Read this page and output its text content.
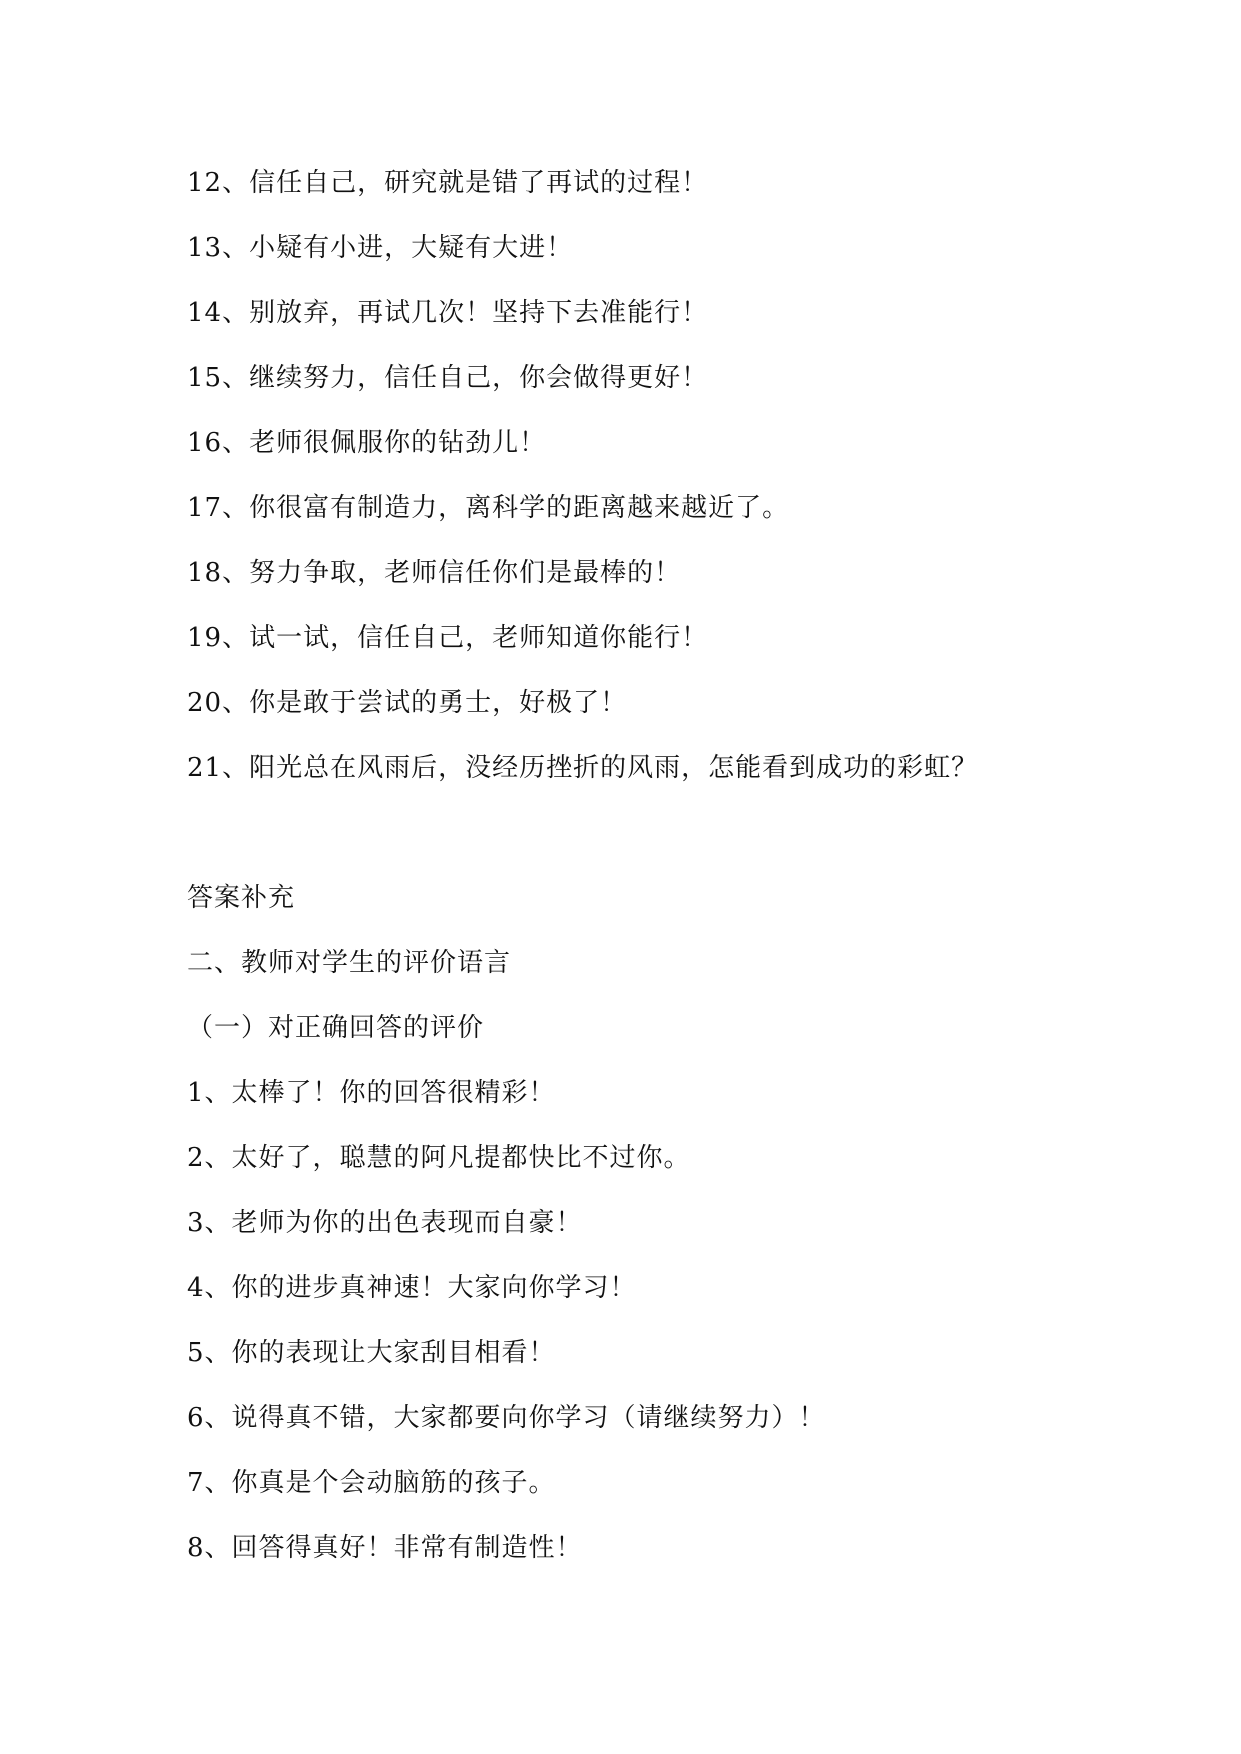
12、信任自己，研究就是错了再试的过程！
13、小疑有小进，大疑有大进！
14、别放弃，再试几次！坚持下去准能行！
15、继续努力，信任自己，你会做得更好！
16、老师很佩服你的钻劲儿！
17、你很富有制造力，离科学的距离越来越近了。
18、努力争取，老师信任你们是最棒的！
19、试一试，信任自己，老师知道你能行！
20、你是敢于尝试的勇士，好极了！
21、阳光总在风雨后，没经历挫折的风雨，怎能看到成功的彩虹？
答案补充
二、教师对学生的评价语言
（一）对正确回答的评价
1、太棒了！你的回答很精彩！
2、太好了，聪慧的阿凡提都快比不过你。
3、老师为你的出色表现而自豪！
4、你的进步真神速！大家向你学习！
5、你的表现让大家刮目相看！
6、说得真不错，大家都要向你学习（请继续努力）！
7、你真是个会动脑筋的孩子。
8、回答得真好！非常有制造性！
